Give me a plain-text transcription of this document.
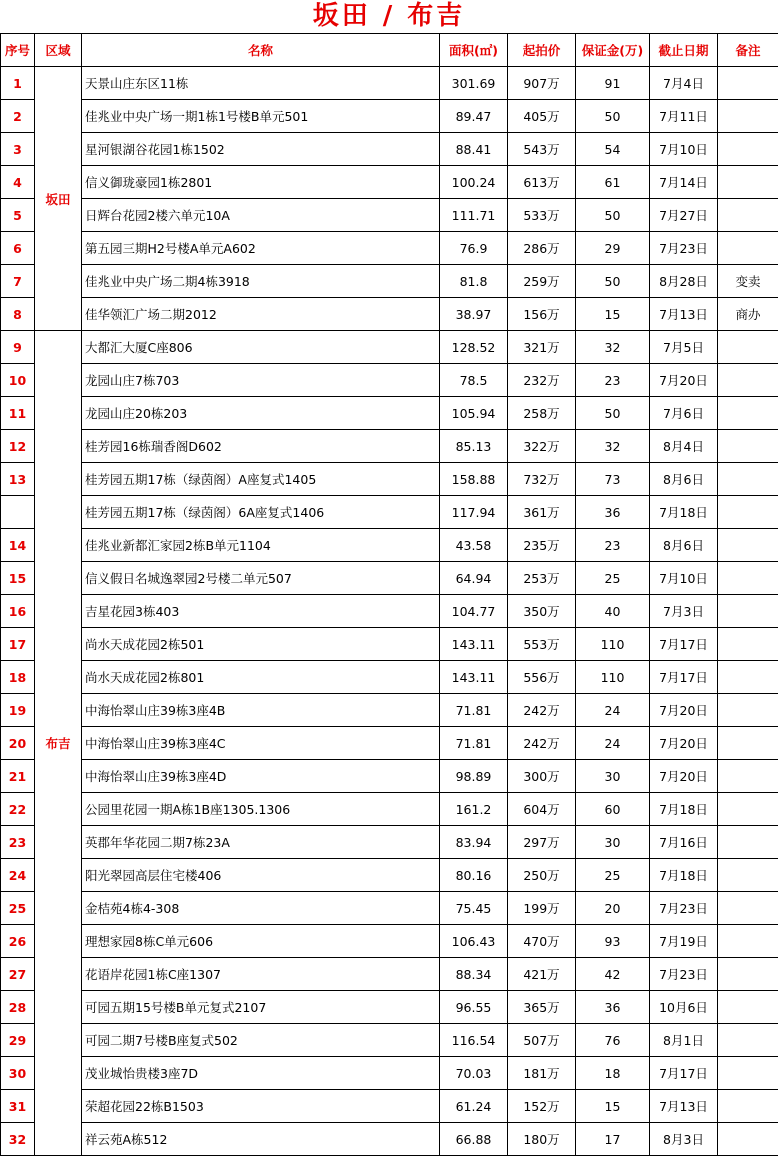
坂田 / 布吉
序号	区域	名称	面积(㎡)	起拍价	保证金(万)	截止日期	备注
1	坂田	天景山庄东区11栋	301.69	907万	91	7月4日	
2		佳兆业中央广场一期1栋1号楼B单元501	89.47	405万	50	7月11日	
3		星河银湖谷花园1栋1502	88.41	543万	54	7月10日	
4		信义御珑豪园1栋2801	100.24	613万	61	7月14日	
5		日辉台花园2楼六单元10A	111.71	533万	50	7月27日	
6		第五园三期H2号楼A单元A602	76.9	286万	29	7月23日	
7		佳兆业中央广场二期4栋3918	81.8	259万	50	8月28日	变卖
8		佳华领汇广场二期2012	38.97	156万	15	7月13日	商办
9	布吉	大都汇大厦C座806	128.52	321万	32	7月5日	
10		龙园山庄7栋703	78.5	232万	23	7月20日	
11		龙园山庄20栋203	105.94	258万	50	7月6日	
12		桂芳园16栋瑞香阁D602	85.13	322万	32	8月4日	
13		桂芳园五期17栋（绿茵阁）A座复式1405	158.88	732万	73	8月6日	
		桂芳园五期17栋（绿茵阁）6A座复式1406	117.94	361万	36	7月18日	
14		佳兆业新都汇家园2栋B单元1104	43.58	235万	23	8月6日	
15		信义假日名城逸翠园2号楼二单元507	64.94	253万	25	7月10日	
16		吉星花园3栋403	104.77	350万	40	7月3日	
17		尚水天成花园2栋501	143.11	553万	110	7月17日	
18		尚水天成花园2栋801	143.11	556万	110	7月17日	
19		中海怡翠山庄39栋3座4B	71.81	242万	24	7月20日	
20		中海怡翠山庄39栋3座4C	71.81	242万	24	7月20日	
21		中海怡翠山庄39栋3座4D	98.89	300万	30	7月20日	
22		公园里花园一期A栋1B座1305.1306	161.2	604万	60	7月18日	
23		英郡年华花园二期7栋23A	83.94	297万	30	7月16日	
24		阳光翠园高层住宅楼406	80.16	250万	25	7月18日	
25		金桔苑4栋4-308	75.45	199万	20	7月23日	
26		理想家园8栋C单元606	106.43	470万	93	7月19日	
27		花语岸花园1栋C座1307	88.34	421万	42	7月23日	
28		可园五期15号楼B单元复式2107	96.55	365万	36	10月6日	
29		可园二期7号楼B座复式502	116.54	507万	76	8月1日	
30		茂业城怡贵楼3座7D	70.03	181万	18	7月17日	
31		荣超花园22栋B1503	61.24	152万	15	7月13日	
32		祥云苑A栋512	66.88	180万	17	8月3日	
